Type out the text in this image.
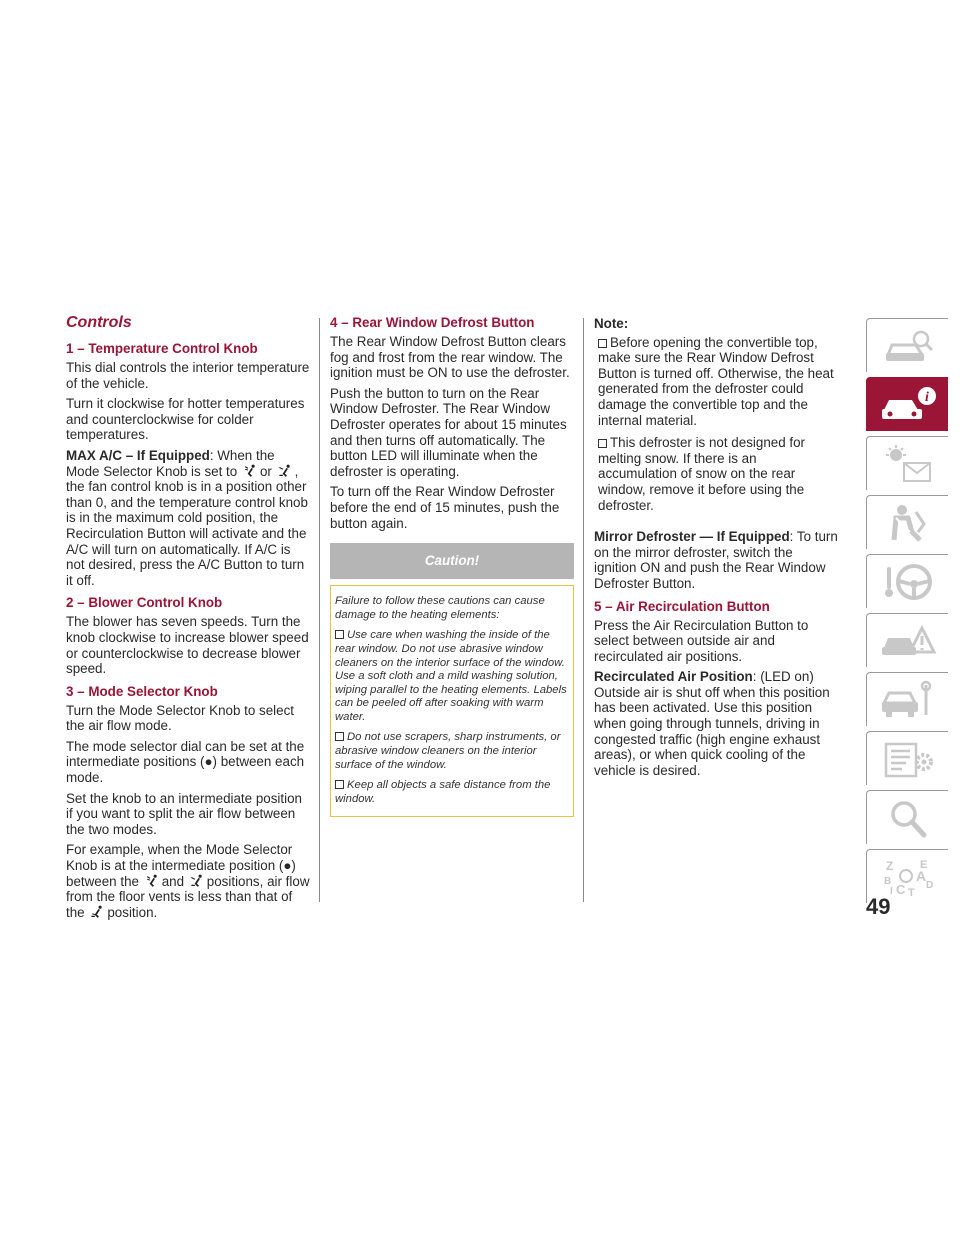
Controls
1 – Temperature Control Knob

This dial controls the interior temperature of the vehicle.

Turn it clockwise for hotter temperatures and counterclockwise for colder temperatures.

MAX A/C – If Equipped: When the Mode Selector Knob is set to or , the fan control knob is in a position other than 0, and the temperature control knob is in the maximum cold position, the Recirculation Button will activate and the A/C will turn on automatically. If A/C is not desired, press the A/C Button to turn it off.

2 – Blower Control Knob

The blower has seven speeds. Turn the knob clockwise to increase blower speed or counterclockwise to decrease blower speed.

3 – Mode Selector Knob

Turn the Mode Selector Knob to select the air flow mode.

The mode selector dial can be set at the intermediate positions (●) between each mode.

Set the knob to an intermediate position if you want to split the air flow between the two modes.

For example, when the Mode Selector Knob is at the intermediate position (●) between the and positions, air flow from the floor vents is less than that of the position.

4 – Rear Window Defrost Button

The Rear Window Defrost Button clears fog and frost from the rear window. The ignition must be ON to use the defroster.

Push the button to turn on the Rear Window Defroster. The Rear Window Defroster operates for about 15 minutes and then turns off automatically. The button LED will illuminate when the defroster is operating.

To turn off the Rear Window Defroster before the end of 15 minutes, push the button again.

Caution!

Failure to follow these cautions can cause damage to the heating elements:

Use care when washing the inside of the rear window. Do not use abrasive window cleaners on the interior surface of the window. Use a soft cloth and a mild washing solution, wiping parallel to the heating elements. Labels can be peeled off after soaking with warm water.

Do not use scrapers, sharp instruments, or abrasive window cleaners on the interior surface of the window.

Keep all objects a safe distance from the window.

Note:

Before opening the convertible top, make sure the Rear Window Defrost Button is turned off. Otherwise, the heat generated from the defroster could damage the convertible top and the internal material.

This defroster is not designed for melting snow. If there is an accumulation of snow on the rear window, remove it before using the defroster.

Mirror Defroster — If Equipped: To turn on the mirror defroster, switch the ignition ON and push the Rear Window Defroster Button.

5 – Air Recirculation Button

Press the Air Recirculation Button to select between outside air and recirculated air positions.

Recirculated Air Position: (LED on) Outside air is shut off when this position has been activated. Use this position when going through tunnels, driving in congested traffic (high engine exhaust areas), or when quick cooling of the vehicle is desired.

i
Z E
A
B	D
C T
I
49
